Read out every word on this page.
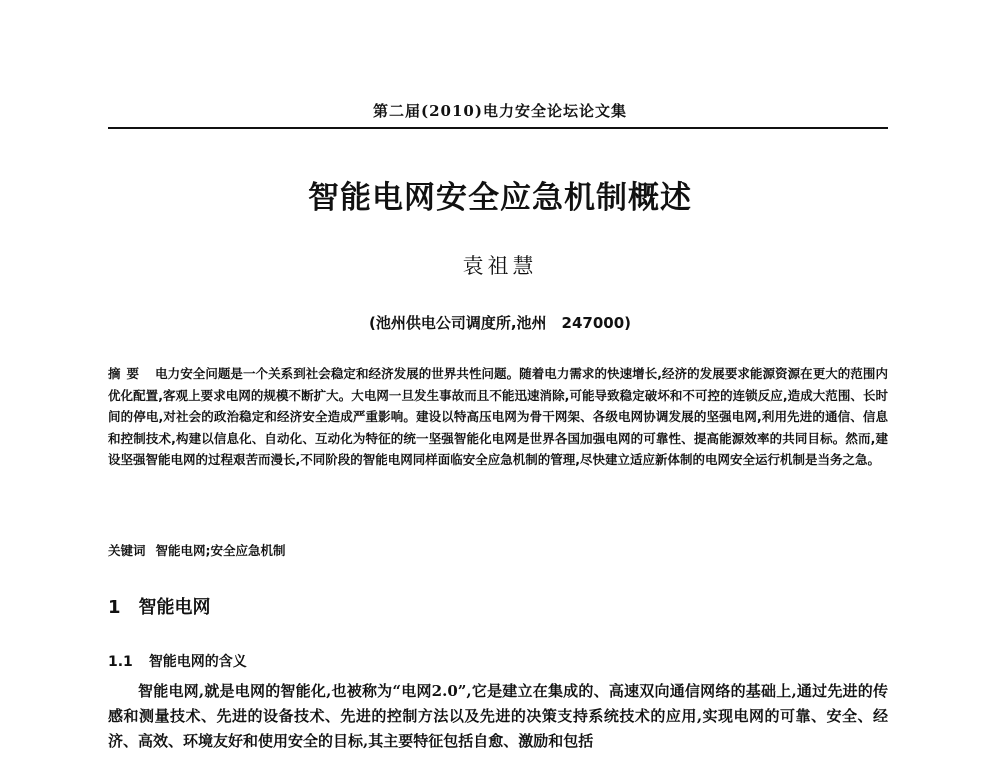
第二届(2010)电力安全论坛论文集
智能电网安全应急机制概述
袁祖慧
(池州供电公司调度所,池州　247000)
摘要 电力安全问题是一个关系到社会稳定和经济发展的世界共性问题。随着电力需求的快速增长,经济的发展要求能源资源在更大的范围内优化配置,客观上要求电网的规模不断扩大。大电网一旦发生事故而且不能迅速消除,可能导致稳定破坏和不可控的连锁反应,造成大范围、长时间的停电,对社会的政治稳定和经济安全造成严重影响。建设以特高压电网为骨干网架、各级电网协调发展的坚强电网,利用先进的通信、信息和控制技术,构建以信息化、自动化、互动化为特征的统一坚强智能化电网是世界各国加强电网的可靠性、提高能源效率的共同目标。然而,建设坚强智能电网的过程艰苦而漫长,不同阶段的智能电网同样面临安全应急机制的管理,尽快建立适应新体制的电网安全运行机制是当务之急。
关键词 智能电网;安全应急机制
1 智能电网
1.1 智能电网的含义
智能电网,就是电网的智能化,也被称为“电网2.0”,它是建立在集成的、高速双向通信网络的基础上,通过先进的传感和测量技术、先进的设备技术、先进的控制方法以及先进的决策支持系统技术的应用,实现电网的可靠、安全、经济、高效、环境友好和使用安全的目标,其主要特征包括自愈、激励和包括
